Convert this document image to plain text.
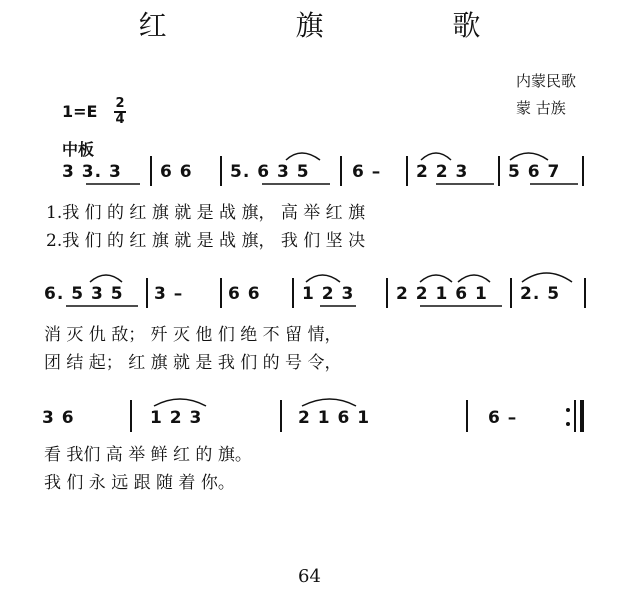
红 旗 歌
内蒙民歌
蒙 古族
1=E 2
4
中板
3 3. 3 6 6 5. 6 3 5 6 – 2 2 3 5 6 7
1.我 们 的 红 旗 就 是 战 旗， 高 举 红 旗
2.我 们 的 红 旗 就 是 战 旗， 我 们 坚 决
6. 5 3 5 3 –	6 6 1 2 3 2 2 1 6 1 2. 5
消 灭 仇 敌； 歼 灭 他 们 绝 不 留 情，
团 结 起； 红 旗 就 是 我 们 的 号 令，
3 6	1 2 3	2 1 6 1	6 –
看 我们 高 举 鲜 红 的 旗。
我 们 永 远 跟 随 着 你。
64
